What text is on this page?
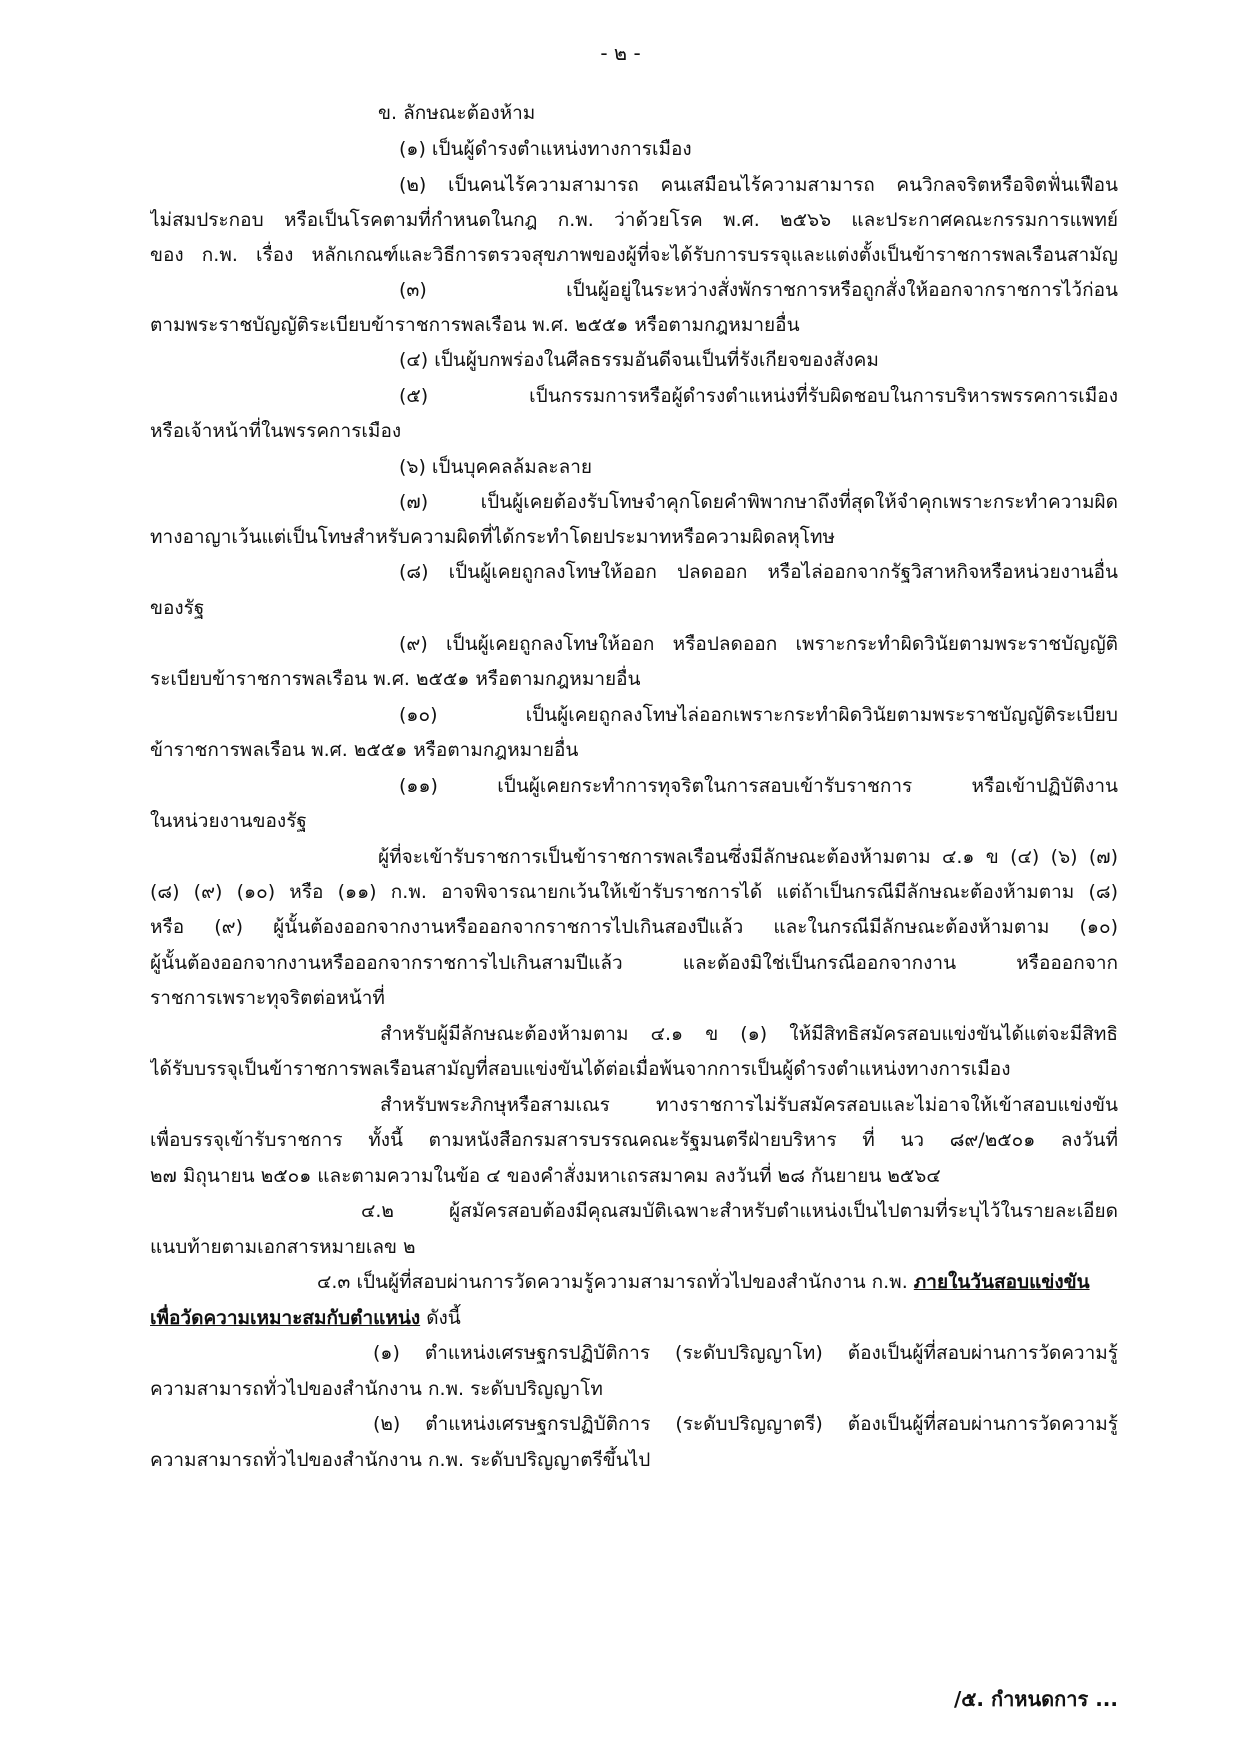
- ๒ -
ข. ลักษณะต้องห้าม
(๑) เป็นผู้ดำรงตำแหน่งทางการเมือง
(๒) เป็นคนไร้ความสามารถ คนเสมือนไร้ความสามารถ คนวิกลจริตหรือจิตฟั่นเฟือน
ไม่สมประกอบ หรือเป็นโรคตามที่กำหนดในกฎ ก.พ. ว่าด้วยโรค พ.ศ. ๒๕๖๖ และประกาศคณะกรรมการแพทย์
ของ ก.พ. เรื่อง หลักเกณฑ์และวิธีการตรวจสุขภาพของผู้ที่จะได้รับการบรรจุและแต่งตั้งเป็นข้าราชการพลเรือนสามัญ
(๓) เป็นผู้อยู่ในระหว่างสั่งพักราชการหรือถูกสั่งให้ออกจากราชการไว้ก่อน
ตามพระราชบัญญัติระเบียบข้าราชการพลเรือน พ.ศ. ๒๕๕๑ หรือตามกฎหมายอื่น
(๔) เป็นผู้บกพร่องในศีลธรรมอันดีจนเป็นที่รังเกียจของสังคม
(๕) เป็นกรรมการหรือผู้ดำรงตำแหน่งที่รับผิดชอบในการบริหารพรรคการเมือง
หรือเจ้าหน้าที่ในพรรคการเมือง
(๖) เป็นบุคคลล้มละลาย
(๗) เป็นผู้เคยต้องรับโทษจำคุกโดยคำพิพากษาถึงที่สุดให้จำคุกเพราะกระทำความผิด
ทางอาญาเว้นแต่เป็นโทษสำหรับความผิดที่ได้กระทำโดยประมาทหรือความผิดลหุโทษ
(๘) เป็นผู้เคยถูกลงโทษให้ออก ปลดออก หรือไล่ออกจากรัฐวิสาหกิจหรือหน่วยงานอื่น
ของรัฐ
(๙) เป็นผู้เคยถูกลงโทษให้ออก หรือปลดออก เพราะกระทำผิดวินัยตามพระราชบัญญัติ
ระเบียบข้าราชการพลเรือน พ.ศ. ๒๕๕๑ หรือตามกฎหมายอื่น
(๑๐) เป็นผู้เคยถูกลงโทษไล่ออกเพราะกระทำผิดวินัยตามพระราชบัญญัติระเบียบ
ข้าราชการพลเรือน พ.ศ. ๒๕๕๑ หรือตามกฎหมายอื่น
(๑๑) เป็นผู้เคยกระทำการทุจริตในการสอบเข้ารับราชการ หรือเข้าปฏิบัติงาน
ในหน่วยงานของรัฐ
ผู้ที่จะเข้ารับราชการเป็นข้าราชการพลเรือนซึ่งมีลักษณะต้องห้ามตาม ๔.๑ ข (๔) (๖) (๗)
(๘) (๙) (๑๐) หรือ (๑๑) ก.พ. อาจพิจารณายกเว้นให้เข้ารับราชการได้ แต่ถ้าเป็นกรณีมีลักษณะต้องห้ามตาม (๘)
หรือ (๙) ผู้นั้นต้องออกจากงานหรือออกจากราชการไปเกินสองปีแล้ว และในกรณีมีลักษณะต้องห้ามตาม (๑๐)
ผู้นั้นต้องออกจากงานหรือออกจากราชการไปเกินสามปีแล้ว และต้องมิใช่เป็นกรณีออกจากงาน หรือออกจาก
ราชการเพราะทุจริตต่อหน้าที่
สำหรับผู้มีลักษณะต้องห้ามตาม ๔.๑ ข (๑) ให้มีสิทธิสมัครสอบแข่งขันได้แต่จะมีสิทธิ
ได้รับบรรจุเป็นข้าราชการพลเรือนสามัญที่สอบแข่งขันได้ต่อเมื่อพ้นจากการเป็นผู้ดำรงตำแหน่งทางการเมือง
สำหรับพระภิกษุหรือสามเณร ทางราชการไม่รับสมัครสอบและไม่อาจให้เข้าสอบแข่งขัน
เพื่อบรรจุเข้ารับราชการ ทั้งนี้ ตามหนังสือกรมสารบรรณคณะรัฐมนตรีฝ่ายบริหาร ที่ นว ๘๙/๒๕๐๑ ลงวันที่
๒๗ มิถุนายน ๒๕๐๑ และตามความในข้อ ๔ ของคำสั่งมหาเถรสมาคม ลงวันที่ ๒๘ กันยายน ๒๕๖๔
๔.๒ ผู้สมัครสอบต้องมีคุณสมบัติเฉพาะสำหรับตำแหน่งเป็นไปตามที่ระบุไว้ในรายละเอียด
แนบท้ายตามเอกสารหมายเลข ๒
๔.๓ เป็นผู้ที่สอบผ่านการวัดความรู้ความสามารถทั่วไปของสำนักงาน ก.พ. ภายในวันสอบแข่งขัน
เพื่อวัดความเหมาะสมกับตำแหน่ง ดังนี้
(๑) ตำแหน่งเศรษฐกรปฏิบัติการ (ระดับปริญญาโท) ต้องเป็นผู้ที่สอบผ่านการวัดความรู้
ความสามารถทั่วไปของสำนักงาน ก.พ. ระดับปริญญาโท
(๒) ตำแหน่งเศรษฐกรปฏิบัติการ (ระดับปริญญาตรี) ต้องเป็นผู้ที่สอบผ่านการวัดความรู้
ความสามารถทั่วไปของสำนักงาน ก.พ. ระดับปริญญาตรีขึ้นไป
/๕. กำหนดการ ...
